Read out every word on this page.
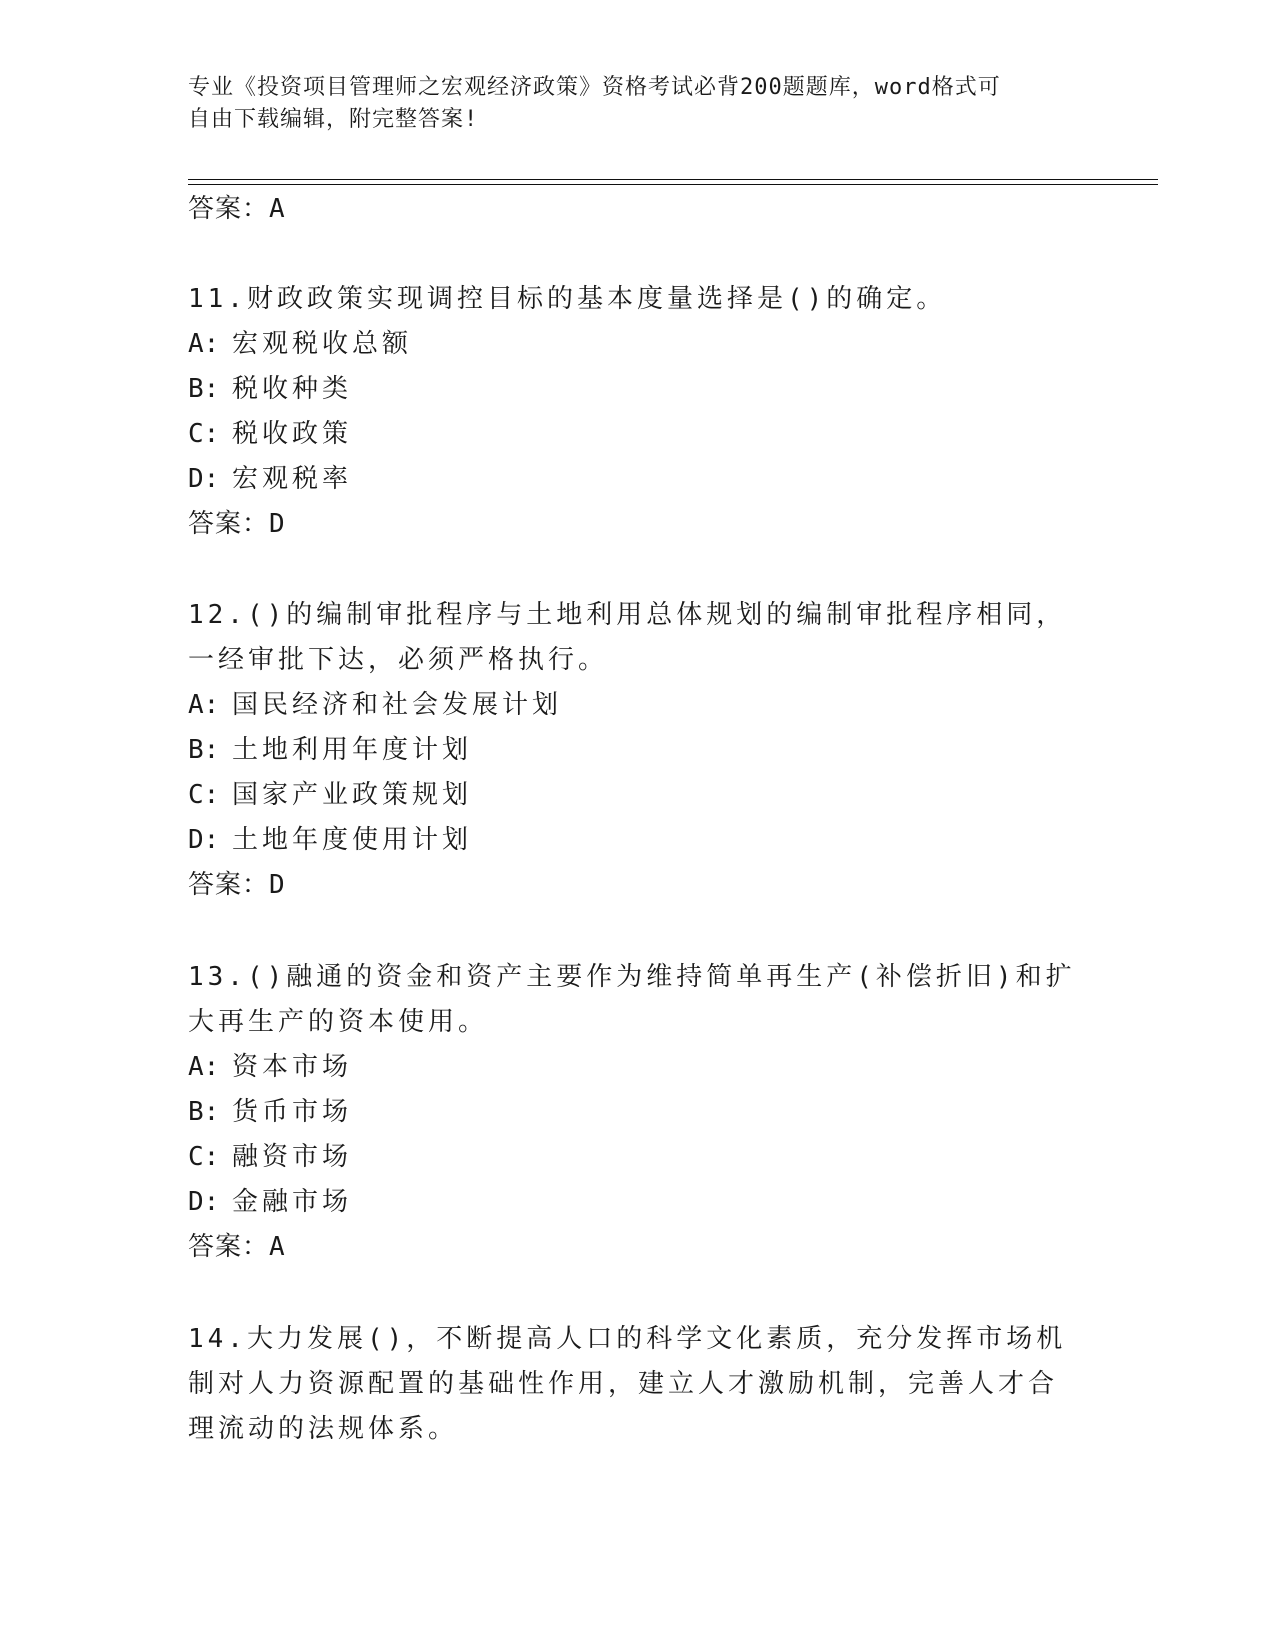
专业《投资项目管理师之宏观经济政策》资格考试必背200题题库，word格式可
自由下载编辑，附完整答案!
答案：A

11.财政政策实现调控目标的基本度量选择是()的确定。

A: 宏观税收总额

B: 税收种类

C: 税收政策

D: 宏观税率

答案：D

12.()的编制审批程序与土地利用总体规划的编制审批程序相同，一经审批下达，必须严格执行。

A: 国民经济和社会发展计划

B: 土地利用年度计划

C: 国家产业政策规划

D: 土地年度使用计划

答案：D

13.()融通的资金和资产主要作为维持简单再生产(补偿折旧)和扩大再生产的资本使用。

A: 资本市场

B: 货币市场

C: 融资市场

D: 金融市场

答案：A

14.大力发展()，不断提高人口的科学文化素质，充分发挥市场机制对人力资源配置的基础性作用，建立人才激励机制，完善人才合理流动的法规体系。
